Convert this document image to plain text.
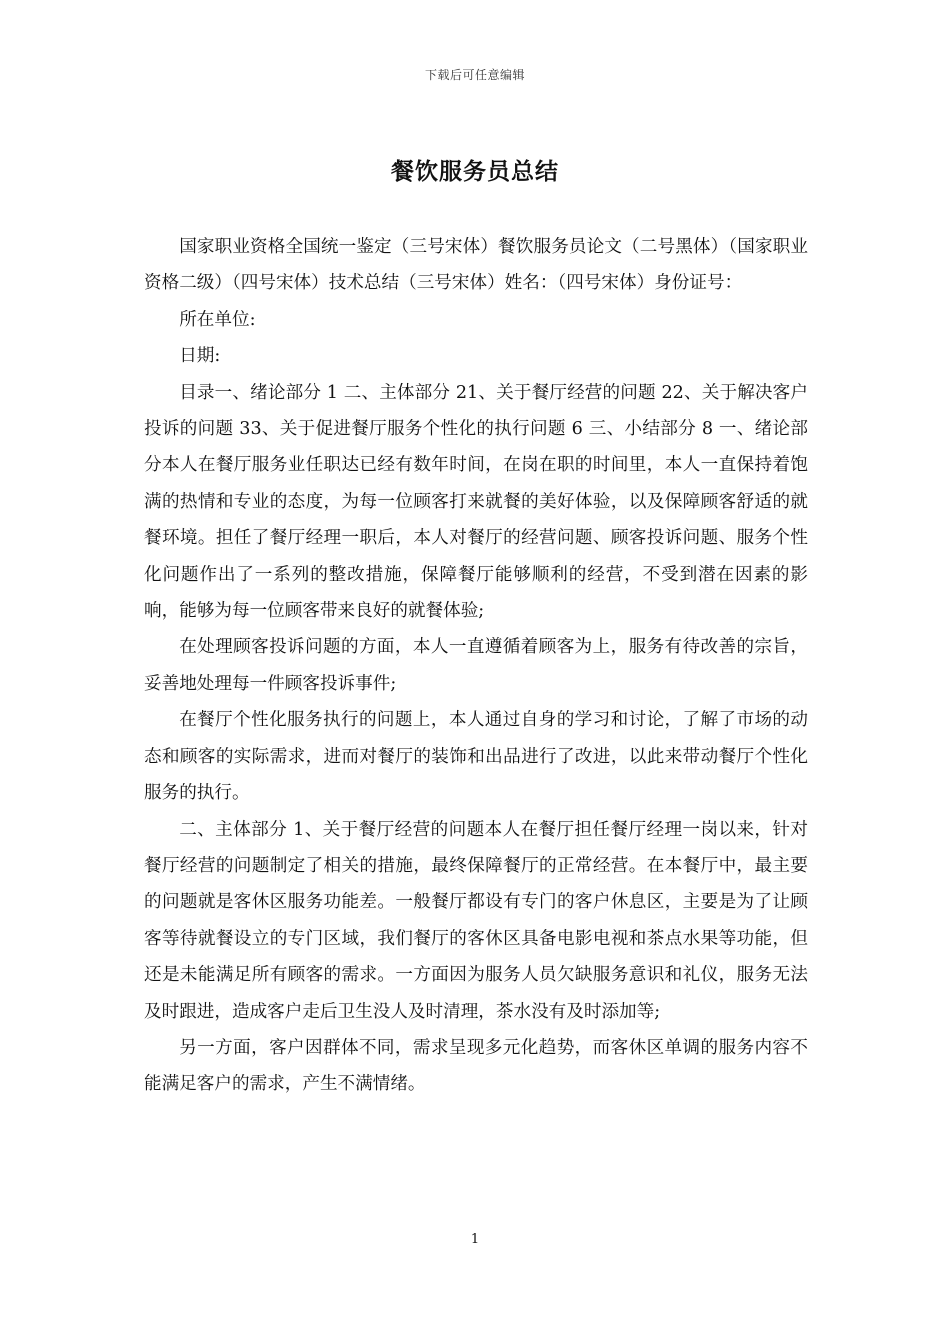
下载后可任意编辑
餐饮服务员总结

国家职业资格全国统一鉴定（三号宋体）餐饮服务员论文（二号黑体）（国家职业资格二级）（四号宋体）技术总结（三号宋体）姓名：（四号宋体）身份证号：

所在单位:

日期:

目录一、绪论部分 1 二、主体部分 21、关于餐厅经营的问题 22、关于解决客户投诉的问题 33、关于促进餐厅服务个性化的执行问题 6 三、小结部分 8 一、绪论部分本人在餐厅服务业任职达已经有数年时间，在岗在职的时间里，本人一直保持着饱满的热情和专业的态度，为每一位顾客打来就餐的美好体验，以及保障顾客舒适的就餐环境。担任了餐厅经理一职后，本人对餐厅的经营问题、顾客投诉问题、服务个性化问题作出了一系列的整改措施，保障餐厅能够顺利的经营，不受到潜在因素的影响，能够为每一位顾客带来良好的就餐体验;

在处理顾客投诉问题的方面，本人一直遵循着顾客为上，服务有待改善的宗旨，妥善地处理每一件顾客投诉事件;

在餐厅个性化服务执行的问题上，本人通过自身的学习和讨论，了解了市场的动态和顾客的实际需求，进而对餐厅的装饰和出品进行了改进，以此来带动餐厅个性化服务的执行。

二、主体部分 1、关于餐厅经营的问题本人在餐厅担任餐厅经理一岗以来，针对餐厅经营的问题制定了相关的措施，最终保障餐厅的正常经营。在本餐厅中，最主要的问题就是客休区服务功能差。一般餐厅都设有专门的客户休息区，主要是为了让顾客等待就餐设立的专门区域，我们餐厅的客休区具备电影电视和茶点水果等功能，但还是未能满足所有顾客的需求。一方面因为服务人员欠缺服务意识和礼仪，服务无法及时跟进，造成客户走后卫生没人及时清理，茶水没有及时添加等;

另一方面，客户因群体不同，需求呈现多元化趋势，而客休区单调的服务内容不能满足客户的需求，产生不满情绪。

1
